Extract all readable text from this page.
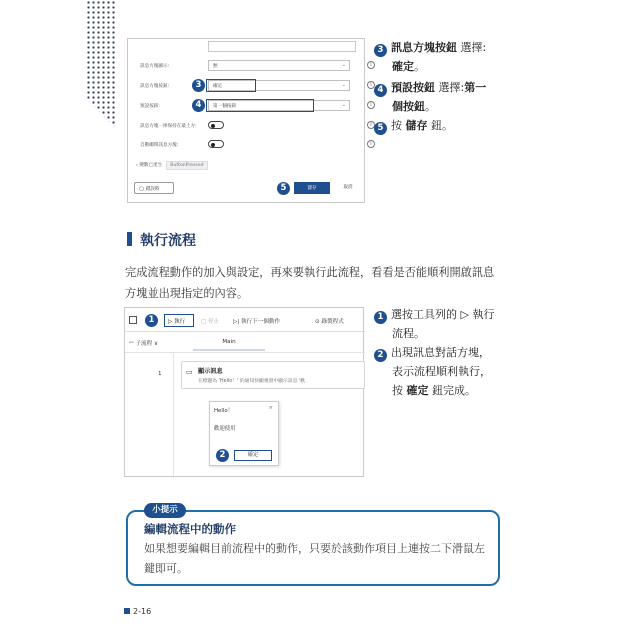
訊息方塊圖示:	無	⌄	i
訊息方塊按鈕:	確定	⌄	i
預設按鈕:	第一個按鈕	⌄	i
訊息方塊一律保持在最上方:	i
自動關閉訊息方塊:	i
3
4
› 變數已產生 ButtonPressed
◯ 錯誤時	5	儲存	取消
3 訊息方塊按鈕 選擇:
確定。
4 預設按鈕 選擇:第一
個按鈕。
5 按 儲存 鈕。
執行流程
完成流程動作的加入與設定，再來要執行此流程，看看是否能順利開啟訊息方塊並出現指定的內容。
1	▷ 執行	□ 停止 ▷| 執行下一個動作	⊙ 錄製程式
ᵒᵒ 子流程 ∨	Main
1	▭ 顯示訊息
在標題為 'Hello！' 的通知快顯視窗中顯示訊息 '歡
Hello！	×
歡迎使用
確定
2
1 選按工具列的 ▷ 執行
流程。
2 出現訊息對話方塊，
表示流程順利執行，
按 確定 鈕完成。
小提示
編輯流程中的動作
如果想要編輯目前流程中的動作，只要於該動作項目上連按二下滑鼠左鍵即可。
2-16
